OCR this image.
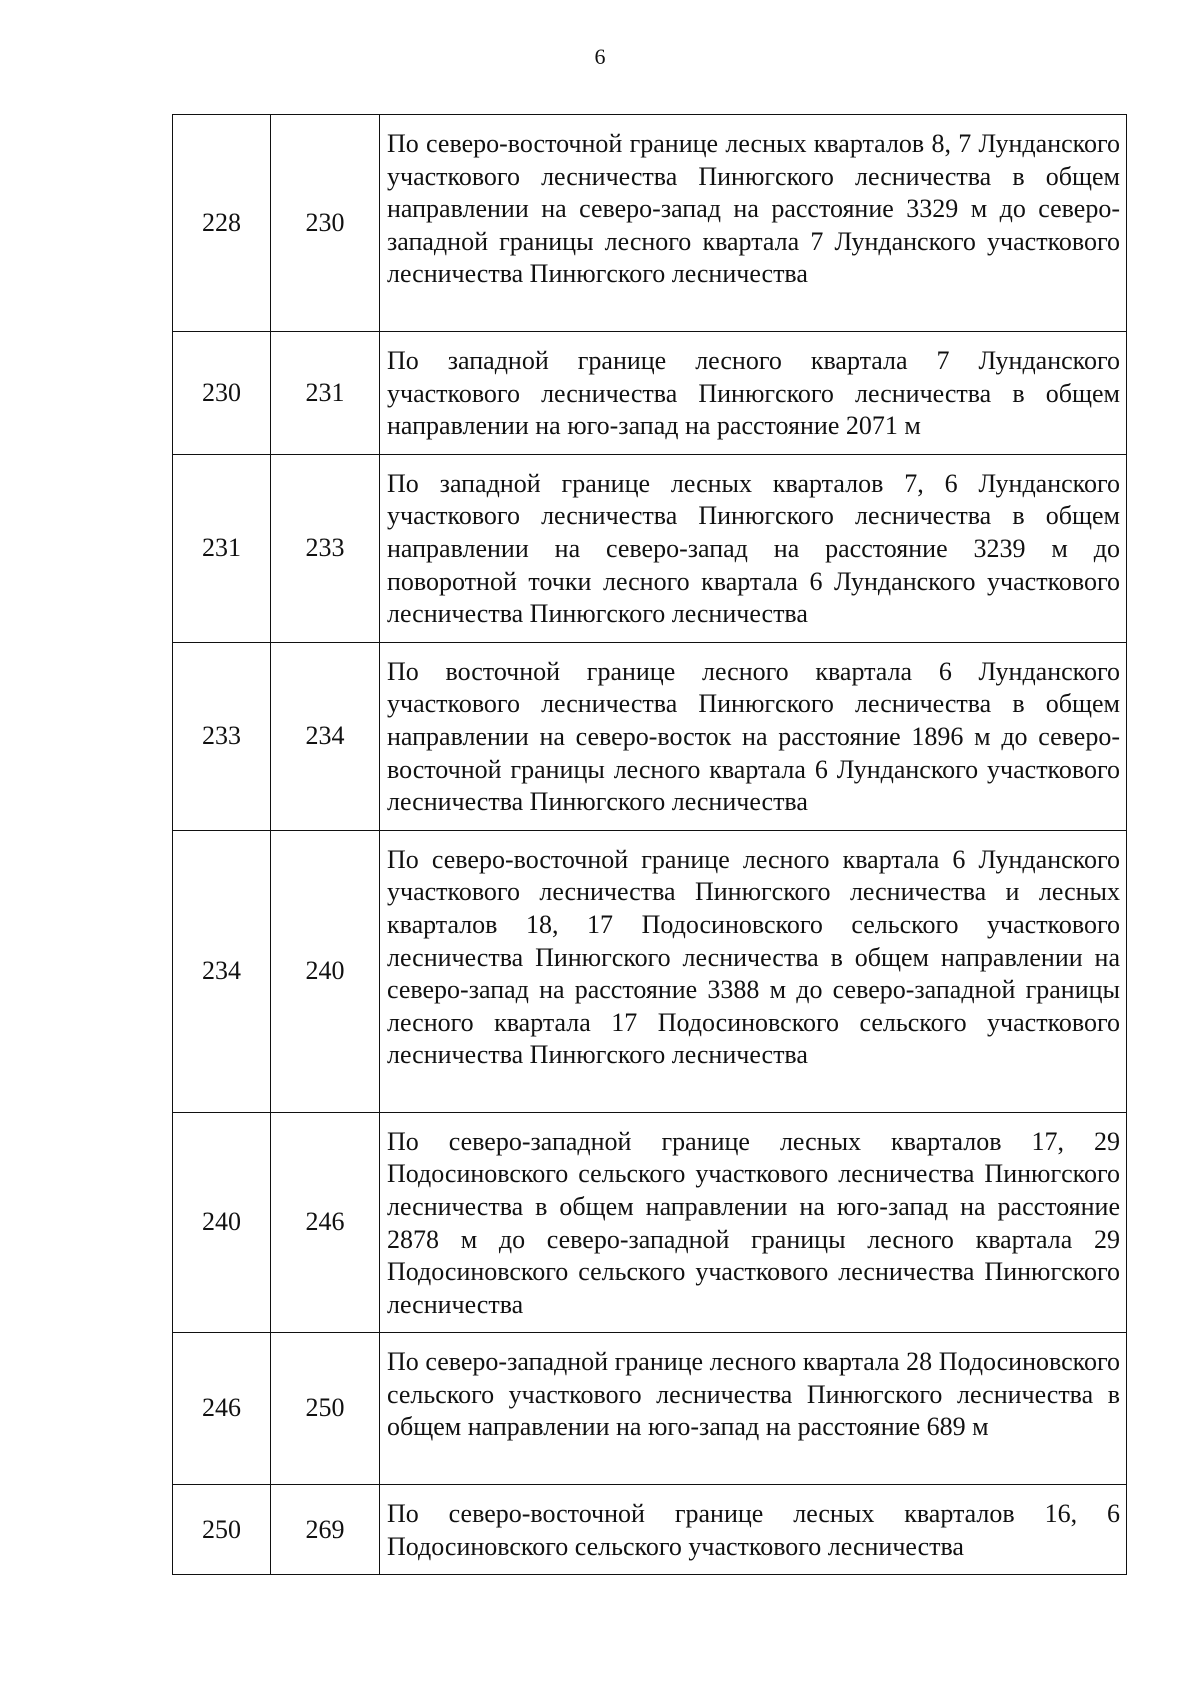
6
228	230	По северо-восточной границе лесных кварталов 8, 7 Лунданского участкового лесничества Пинюгского лесничества в общем направлении на северо-запад на расстояние 3329 м до северо-западной границы лесного квартала 7 Лунданского участкового лесничества Пинюгского лесничества
230	231	По западной границе лесного квартала 7 Лунданского участкового лесничества Пинюгского лесничества в общем направлении на юго-запад на расстояние 2071 м
231	233	По западной границе лесных кварталов 7, 6 Лунданского участкового лесничества Пинюгского лесничества в общем направлении на северо-запад на расстояние 3239 м до поворотной точки лесного квартала 6 Лунданского участкового лесничества Пинюгского лесничества
233	234	По восточной границе лесного квартала 6 Лунданского участкового лесничества Пинюгского лесничества в общем направлении на северо-восток на расстояние 1896 м до северо-восточной границы лесного квартала 6 Лунданского участкового лесничества Пинюгского лесничества
234	240	По северо-восточной границе лесного квартала 6 Лунданского участкового лесничества Пинюгского лесничества и лесных кварталов 18, 17 Подосиновского сельского участкового лесничества Пинюгского лесничества в общем направлении на северо-запад на расстояние 3388 м до северо-западной границы лесного квартала 17 Подосиновского сельского участкового лесничества Пинюгского лесничества
240	246	По северо-западной границе лесных кварталов 17, 29 Подосиновского сельского участкового лесничества Пинюгского лесничества в общем направлении на юго-запад на расстояние 2878 м до северо-западной границы лесного квартала 29 Подосиновского сельского участкового лесничества Пинюгского лесничества
246	250	По северо-западной границе лесного квартала 28 Подосиновского сельского участкового лесничества Пинюгского лесничества в общем направлении на юго-запад на расстояние 689 м
250	269	По северо-восточной границе лесных кварталов 16, 6 Подосиновского сельского участкового лесничества
